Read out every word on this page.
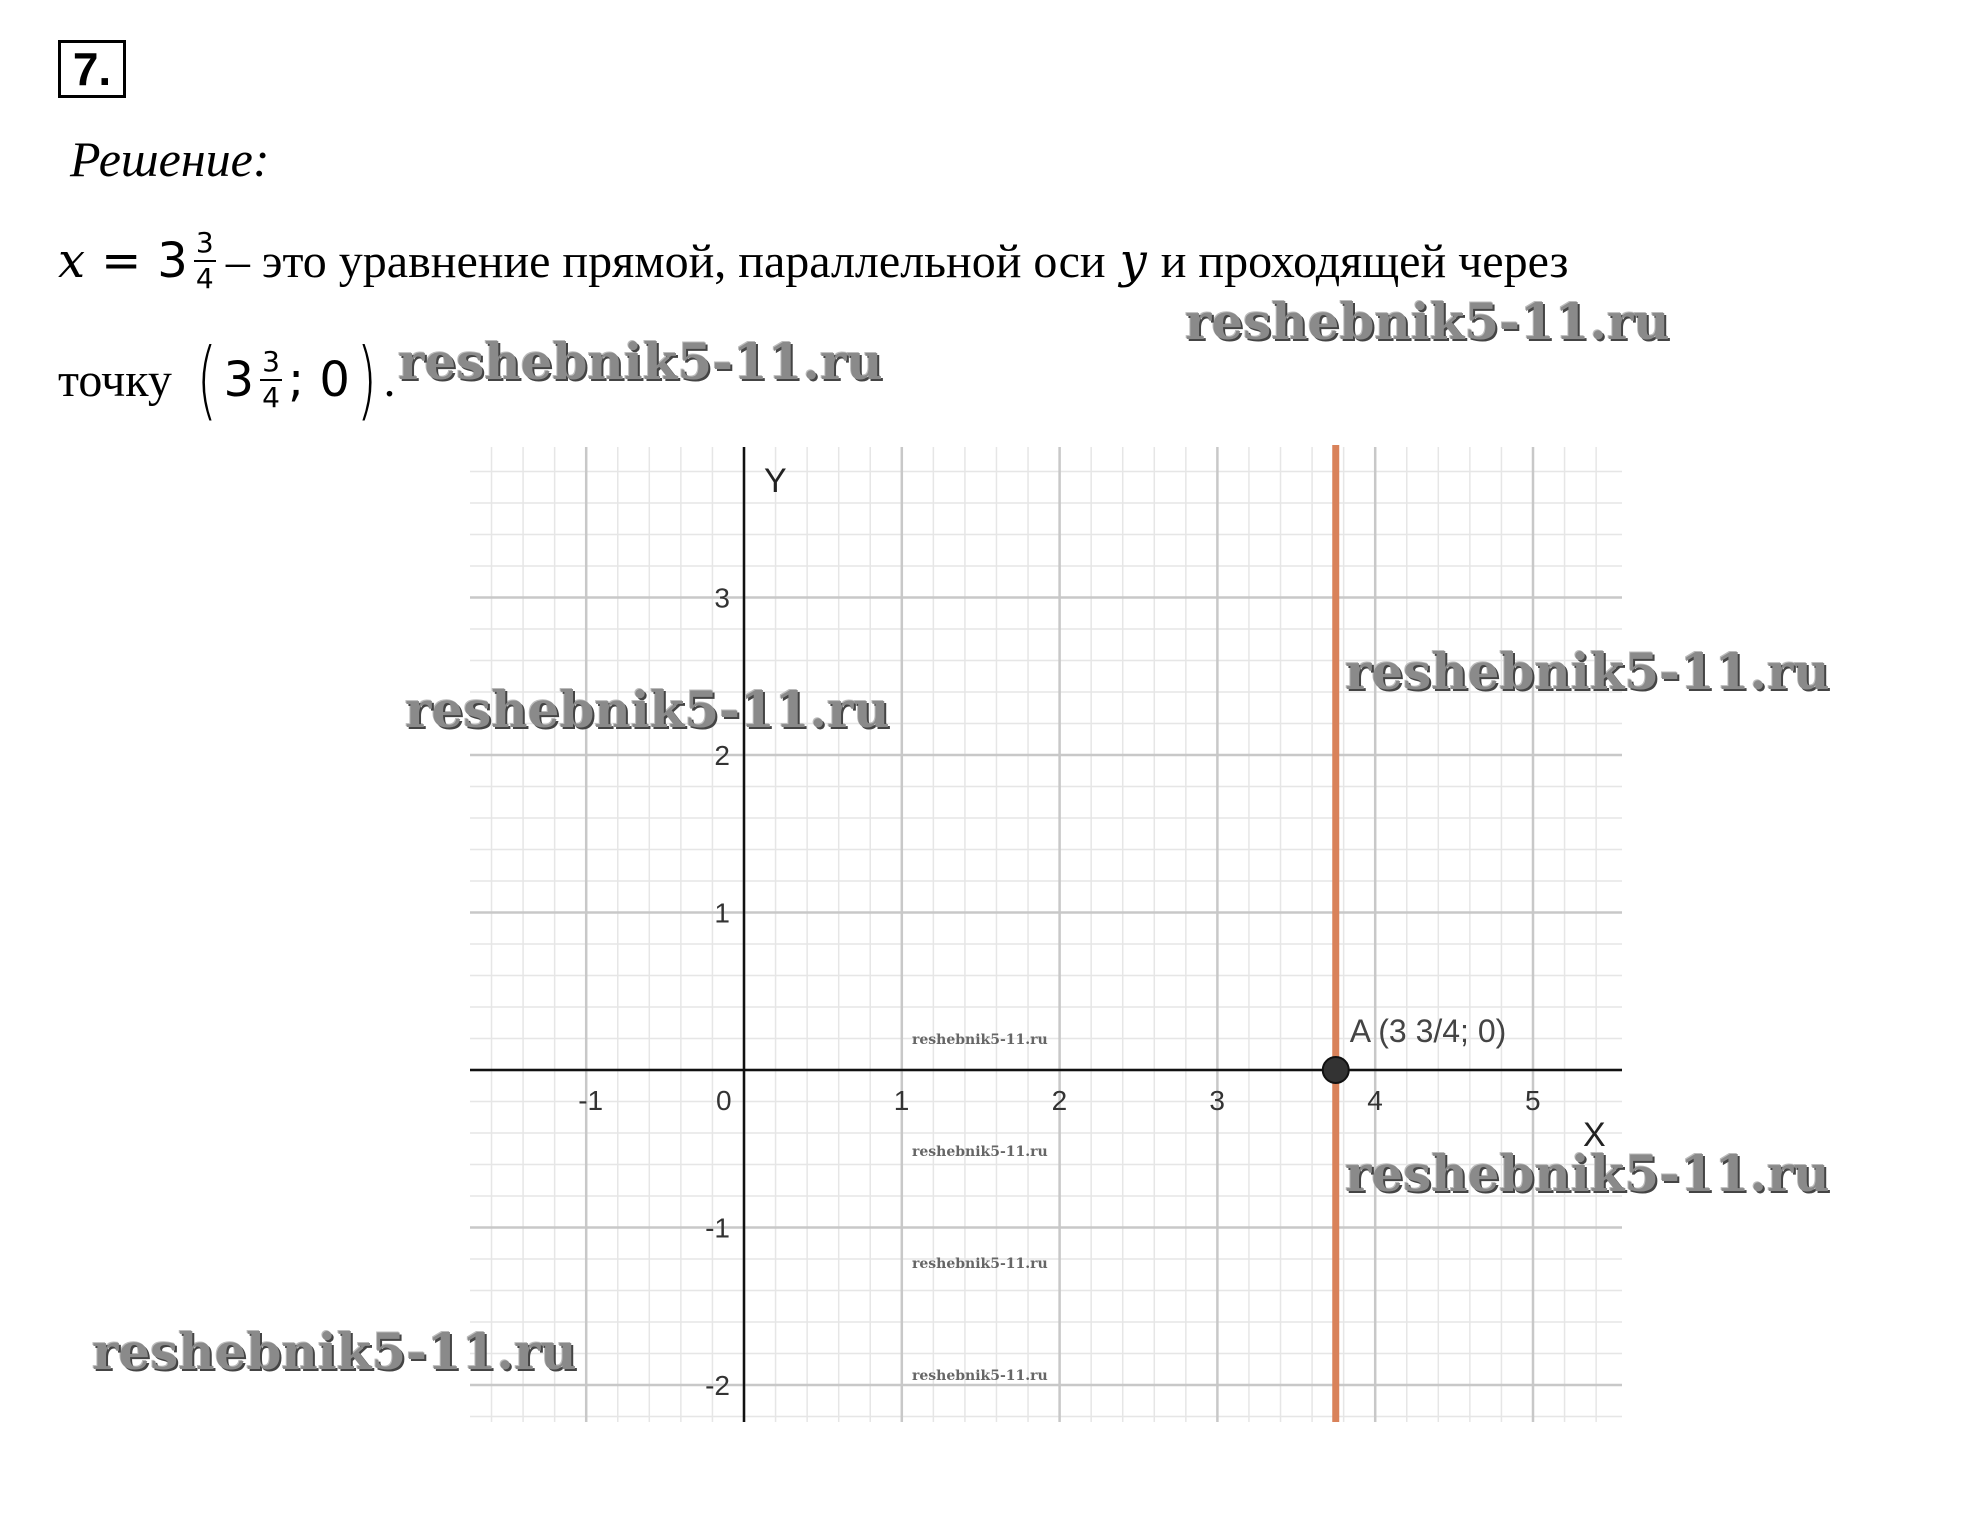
7.
Решение:
$x = 3 \frac{3}{4}$ – это уравнение прямой, параллельной оси y и проходящей через
точку ( $3 \frac{3}{4}$ ; 0 ) .
-1	0	1	2	3	4	5
-2
-1
1
2
3
A (3 3/4; 0)
X
Y
reshebnik5-11.ru
reshebnik5-11.ru
reshebnik5-11.ru
reshebnik5-11.ru
reshebnik5-11.ru
reshebnik5-11.ru
reshebnik5-11.ru
reshebnik5-11.ru
reshebnik5-11.ru
reshebnik5-11.ru
